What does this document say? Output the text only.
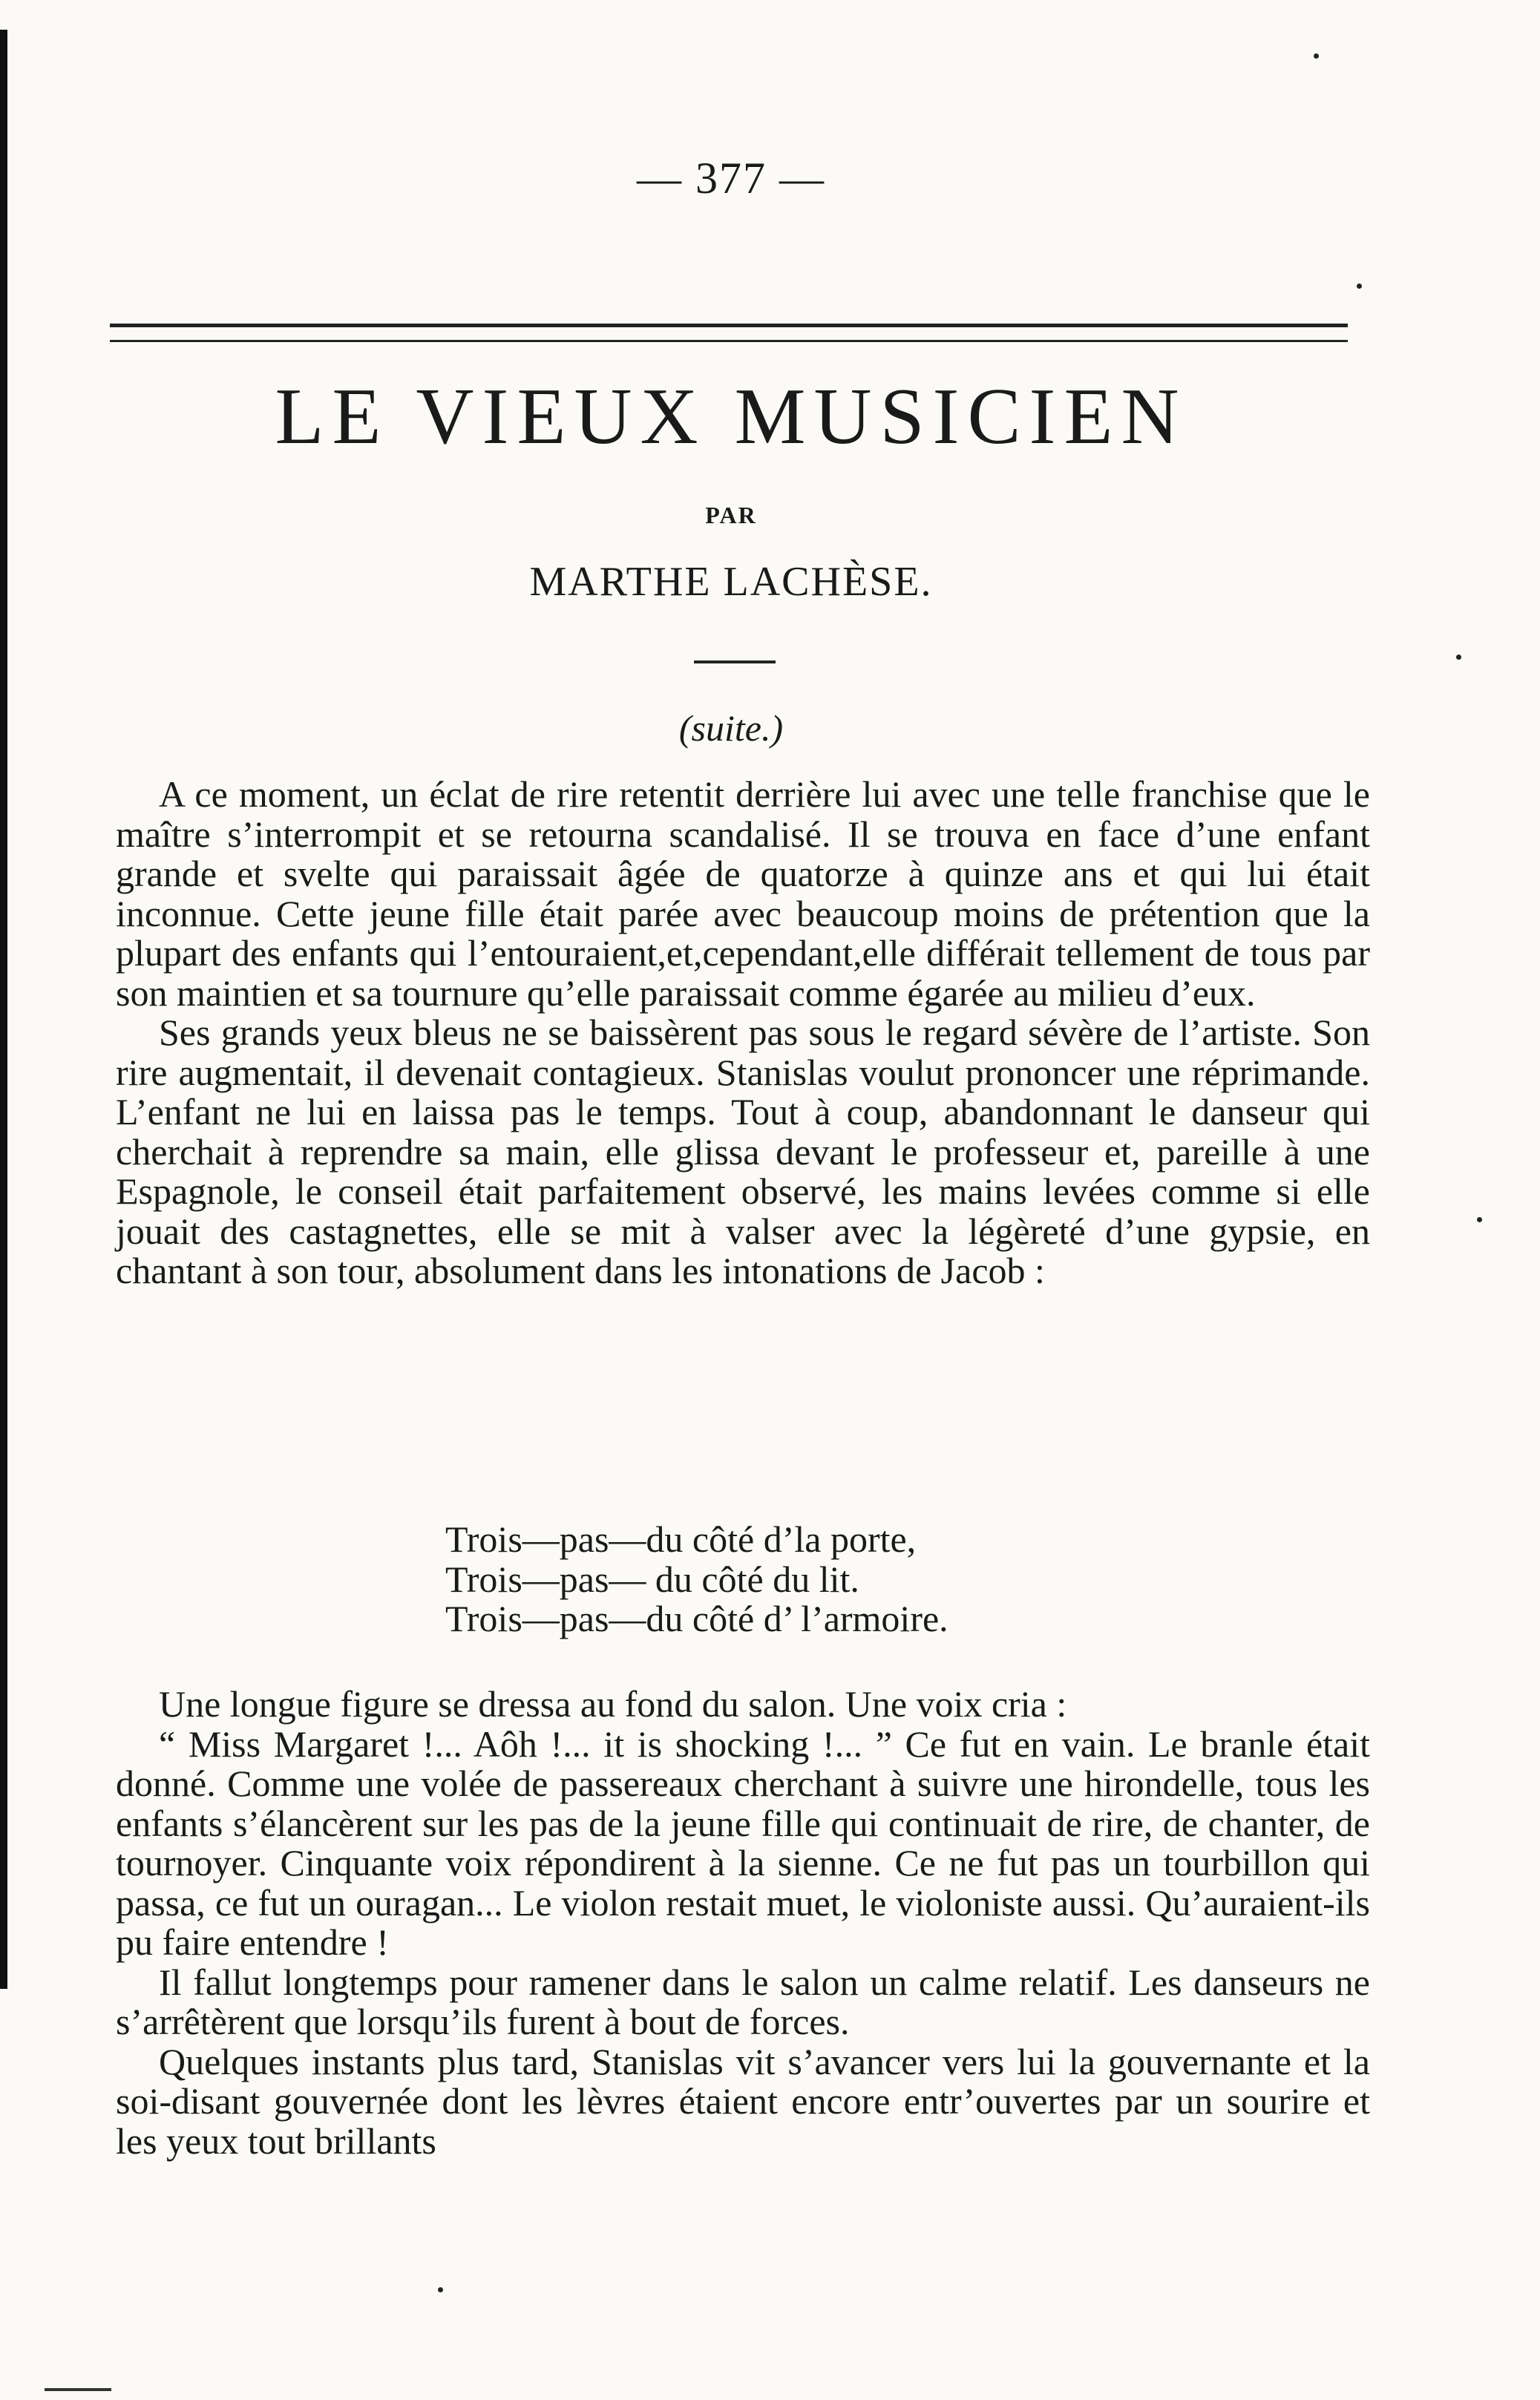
— 377 —
LE VIEUX MUSICIEN
PAR
MARTHE LACHÈSE.
(suite.)

A ce moment, un éclat de rire retentit derrière lui avec une telle franchise que le maître s’interrompit et se retourna scandalisé. Il se trouva en face d’une enfant grande et svelte qui paraissait âgée de quatorze à quinze ans et qui lui était inconnue. Cette jeune fille était parée avec beaucoup moins de prétention que la plupart des enfants qui l’entouraient,et,cependant,elle différait tellement de tous par son maintien et sa tournure qu’elle paraissait comme égarée au milieu d’eux.

Ses grands yeux bleus ne se baissèrent pas sous le regard sévère de l’artiste. Son rire augmentait, il devenait contagieux. Stanislas voulut prononcer une réprimande. L’enfant ne lui en laissa pas le temps. Tout à coup, abandonnant le danseur qui cherchait à reprendre sa main, elle glissa devant le professeur et, pareille à une Espagnole, le conseil était parfaitement observé, les mains levées comme si elle jouait des castagnettes, elle se mit à valser avec la légèreté d’une gypsie, en chantant à son tour, absolument dans les intonations de Jacob :

Trois—pas—du côté d’la porte,
Trois—pas— du côté du lit.
Trois—pas—du côté d’ l’armoire.

Une longue figure se dressa au fond du salon. Une voix cria :

“ Miss Margaret !... Aôh !... it is shocking !... ” Ce fut en vain. Le branle était donné. Comme une volée de passereaux cherchant à suivre une hirondelle, tous les enfants s’élancèrent sur les pas de la jeune fille qui continuait de rire, de chanter, de tournoyer. Cinquante voix répondirent à la sienne. Ce ne fut pas un tourbillon qui passa, ce fut un ouragan... Le violon restait muet, le violoniste aussi. Qu’auraient-ils pu faire entendre !

Il fallut longtemps pour ramener dans le salon un calme relatif. Les danseurs ne s’arrêtèrent que lorsqu’ils furent à bout de forces.

Quelques instants plus tard, Stanislas vit s’avancer vers lui la gouvernante et la soi-disant gouvernée dont les lèvres étaient encore entr’ouvertes par un sourire et les yeux tout brillants
